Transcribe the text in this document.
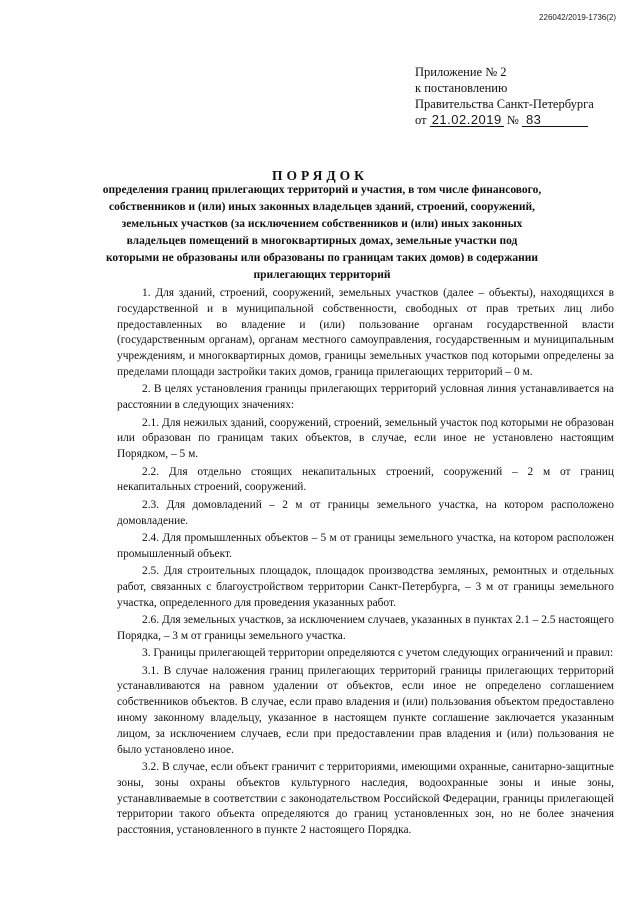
226042/2019-1736(2)
Приложение № 2
к постановлению
Правительства Санкт-Петербурга
от 21.02.2019 № 83
ПОРЯДОК
определения границ прилегающих территорий и участия, в том числе финансового, собственников и (или) иных законных владельцев зданий, строений, сооружений, земельных участков (за исключением собственников и (или) иных законных владельцев помещений в многоквартирных домах, земельные участки под которыми не образованы или образованы по границам таких домов) в содержании прилегающих территорий

1. Для зданий, строений, сооружений, земельных участков (далее – объекты), находящихся в государственной и в муниципальной собственности, свободных от прав третьих лиц либо предоставленных во владение и (или) пользование органам государственной власти (государственным органам), органам местного самоуправления, государственным и муниципальным учреждениям, и многоквартирных домов, границы земельных участков под которыми определены за пределами площади застройки таких домов, граница прилегающих территорий – 0 м.

2. В целях установления границы прилегающих территорий условная линия устанавливается на расстоянии в следующих значениях:

2.1. Для нежилых зданий, сооружений, строений, земельный участок под которыми не образован или образован по границам таких объектов, в случае, если иное не установлено настоящим Порядком, – 5 м.

2.2. Для отдельно стоящих некапитальных строений, сооружений – 2 м от границ некапитальных строений, сооружений.

2.3. Для домовладений – 2 м от границы земельного участка, на котором расположено домовладение.

2.4. Для промышленных объектов – 5 м от границы земельного участка, на котором расположен промышленный объект.

2.5. Для строительных площадок, площадок производства земляных, ремонтных и отдельных работ, связанных с благоустройством территории Санкт-Петербурга, – 3 м от границы земельного участка, определенного для проведения указанных работ.

2.6. Для земельных участков, за исключением случаев, указанных в пунктах 2.1 – 2.5 настоящего Порядка, – 3 м от границы земельного участка.

3. Границы прилегающей территории определяются с учетом следующих ограничений и правил:

3.1. В случае наложения границ прилегающих территорий границы прилегающих территорий устанавливаются на равном удалении от объектов, если иное не определено соглашением собственников объектов. В случае, если право владения и (или) пользования объектом предоставлено иному законному владельцу, указанное в настоящем пункте соглашение заключается указанным лицом, за исключением случаев, если при предоставлении прав владения и (или) пользования не было установлено иное.

3.2. В случае, если объект граничит с территориями, имеющими охранные, санитарно-защитные зоны, зоны охраны объектов культурного наследия, водоохранные зоны и иные зоны, устанавливаемые в соответствии с законодательством Российской Федерации, границы прилегающей территории такого объекта определяются до границ установленных зон, но не более значения расстояния, установленного в пункте 2 настоящего Порядка.
